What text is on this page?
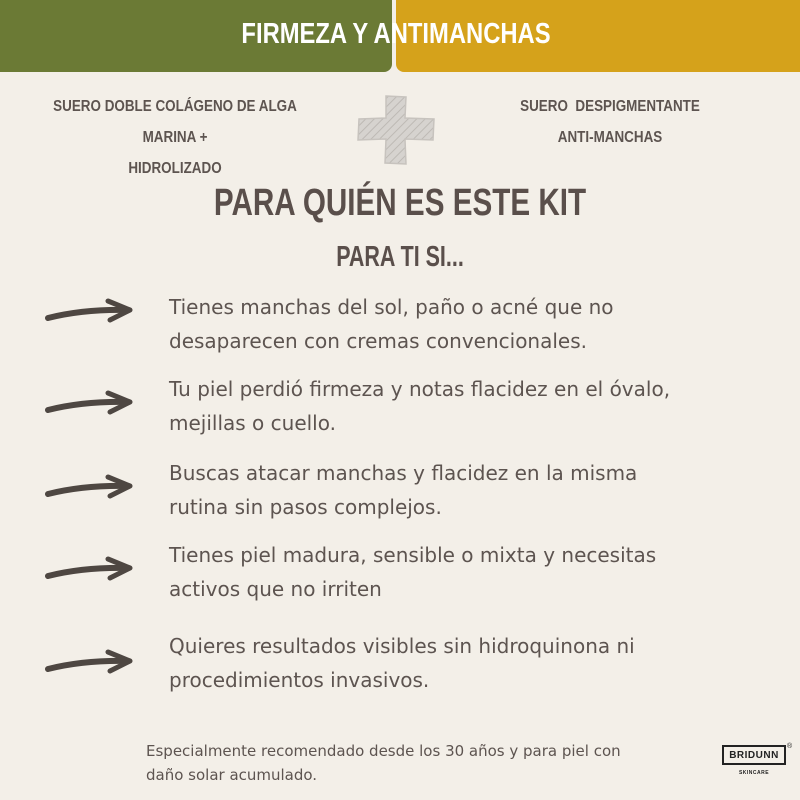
FIRMEZA Y ANTIMANCHAS
SUERO DOBLE COLÁGENO DE ALGA MARINA +
HIDROLIZADO
SUERO  DESPIGMENTANTE
ANTI-MANCHAS
PARA QUIÉN ES ESTE KIT
PARA TI SI...
Tienes manchas del sol, paño o acné que no
desaparecen con cremas convencionales.
Tu piel perdió firmeza y notas flacidez en el óvalo,
mejillas o cuello.
Buscas atacar manchas y flacidez en la misma
rutina sin pasos complejos.
Tienes piel madura, sensible o mixta y necesitas
activos que no irriten
Quieres resultados visibles sin hidroquinona ni
procedimientos invasivos.
Especialmente recomendado desde los 30 años y para piel con
daño solar acumulado.
BRIDUNN
®
SKINCARE
